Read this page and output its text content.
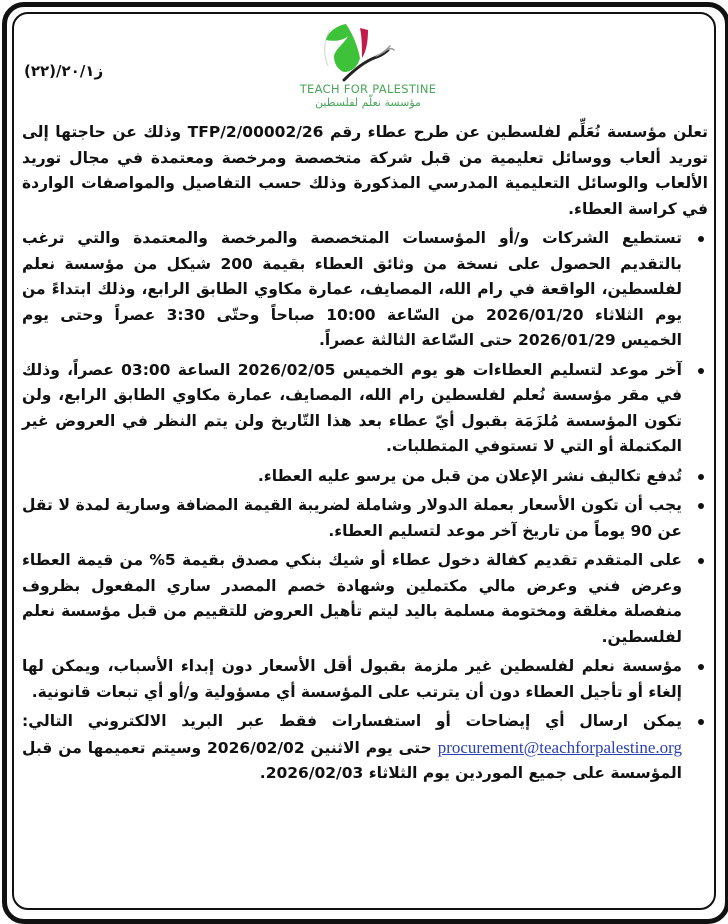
ز٢٠/١/(٢٢)
TEACH FOR PALESTINE
مؤسسة نعلّم لفلسطين

تعلن مؤسسة نُعَلِّم لفلسطين عن طرح عطاء رقم TFP/2/00002/26 وذلك عن حاجتها إلى توريد ألعاب ووسائل تعليمية من قبل شركة متخصصة ومرخصة ومعتمدة في مجال توريد الألعاب والوسائل التعليمية المدرسي المذكورة وذلك حسب التفاصيل والمواصفات الواردة في كراسة العطاء.

تستطيع الشركات و/أو المؤسسات المتخصصة والمرخصة والمعتمدة والتي ترغب بالتقديم الحصول على نسخة من وثائق العطاء بقيمة 200 شيكل من مؤسسة نعلم لفلسطين، الواقعة في رام الله، المصايف، عمارة مكاوي الطابق الرابع، وذلك ابتداءً من يوم الثلاثاء 2026/01/20 من السّاعة 10:00 صباحاً وحتّى 3:30 عصراً وحتى يوم الخميس 2026/01/29 حتى السّاعة الثالثة عصراً.
آخر موعد لتسليم العطاءات هو يوم الخميس 2026/02/05 الساعة 03:00 عصراً، وذلك في مقر مؤسسة نُعلم لفلسطين رام الله، المصايف، عمارة مكاوي الطابق الرابع، ولن تكون المؤسسة مُلزَمَة بقبول أيّ عطاء بعد هذا التّاريخ ولن يتم النظر في العروض غير المكتملة أو التي لا تستوفي المتطلبات.
تُدفع تكاليف نشر الإعلان من قبل من يرسو عليه العطاء.
يجب أن تكون الأسعار بعملة الدولار وشاملة لضريبة القيمة المضافة وسارية لمدة لا تقل عن 90 يوماً من تاريخ آخر موعد لتسليم العطاء.
على المتقدم تقديم كفالة دخول عطاء أو شيك بنكي مصدق بقيمة 5% من قيمة العطاء وعرض فني وعرض مالي مكتملين وشهادة خصم المصدر ساري المفعول بظروف منفصلة مغلقة ومختومة مسلمة باليد ليتم تأهيل العروض للتقييم من قبل مؤسسة نعلم لفلسطين.
مؤسسة نعلم لفلسطين غير ملزمة بقبول أقل الأسعار دون إبداء الأسباب، ويمكن لها إلغاء أو تأجيل العطاء دون أن يترتب على المؤسسة أي مسؤولية و/أو أي تبعات قانونية.
يمكن ارسال أي إيضاحات أو استفسارات فقط عبر البريد الالكتروني التالي: procurement@teachforpalestine.org حتى يوم الاثنين 2026/02/02 وسيتم تعميمها من قبل المؤسسة على جميع الموردين يوم الثلاثاء 2026/02/03.
